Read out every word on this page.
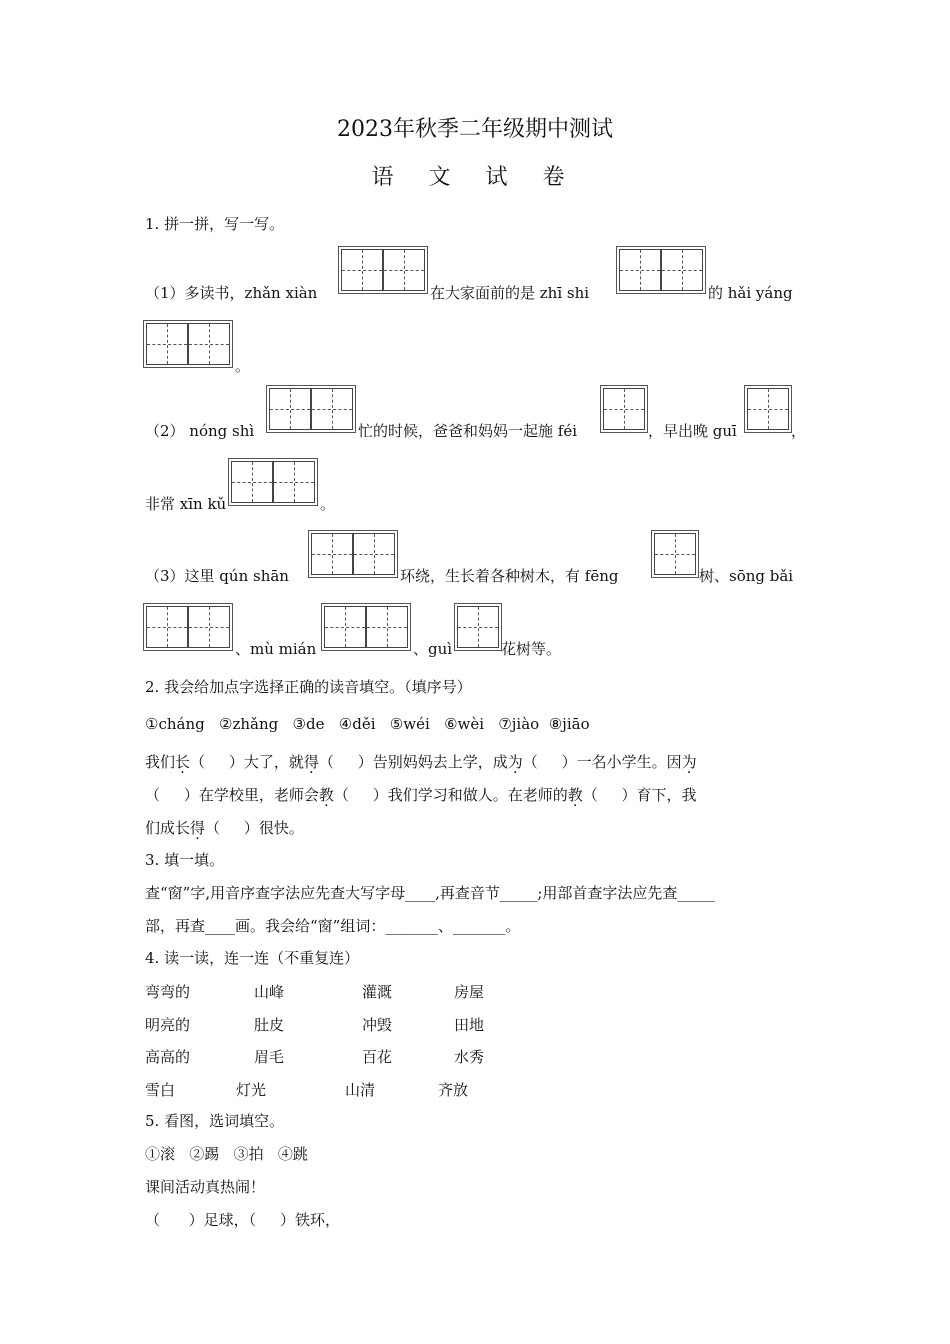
2023年秋季二年级期中测试
语 文 试 卷
1. 拼一拼，写一写。
（1）多读书，zhǎn xiàn	在大家面前的是 zhī shi	的 hǎi yáng
。
（2） nóng shì	忙的时候，爸爸和妈妈一起施 féi	，早出晚 guī	，
非常 xīn kǔ	。
（3）这里 qún shān	环绕，生长着各种树木，有 fēng	树、sōng bǎi
、mù mián	、guì	花树等。
2. 我会给加点字选择正确的读音填空。（填序号）
①cháng   ②zhǎng   ③de   ④děi   ⑤wéi   ⑥wèi   ⑦jiào  ⑧jiāo
我们长（     ）大了，就得（     ）告别妈妈去上学，成为（     ）一名小学生。因为
（     ）在学校里，老师会教（     ）我们学习和做人。在老师的教（     ）育下，我
们成长得（     ）很快。
3. 填一填。
查“窗”字,用音序查字法应先查大写字母____,再查音节_____;用部首查字法应先查_____
部，再查____画。我会给“窗”组词：_______、_______。
4. 读一读，连一连（不重复连）
弯弯的	山峰	灌溉	房屋
明亮的	肚皮	冲毁	田地
高高的	眉毛	百花	水秀
雪白	灯光	山清	齐放
5. 看图，选词填空。
①滚   ②踢   ③拍   ④跳
课间活动真热闹！
（      ）足球，（     ）铁环，
